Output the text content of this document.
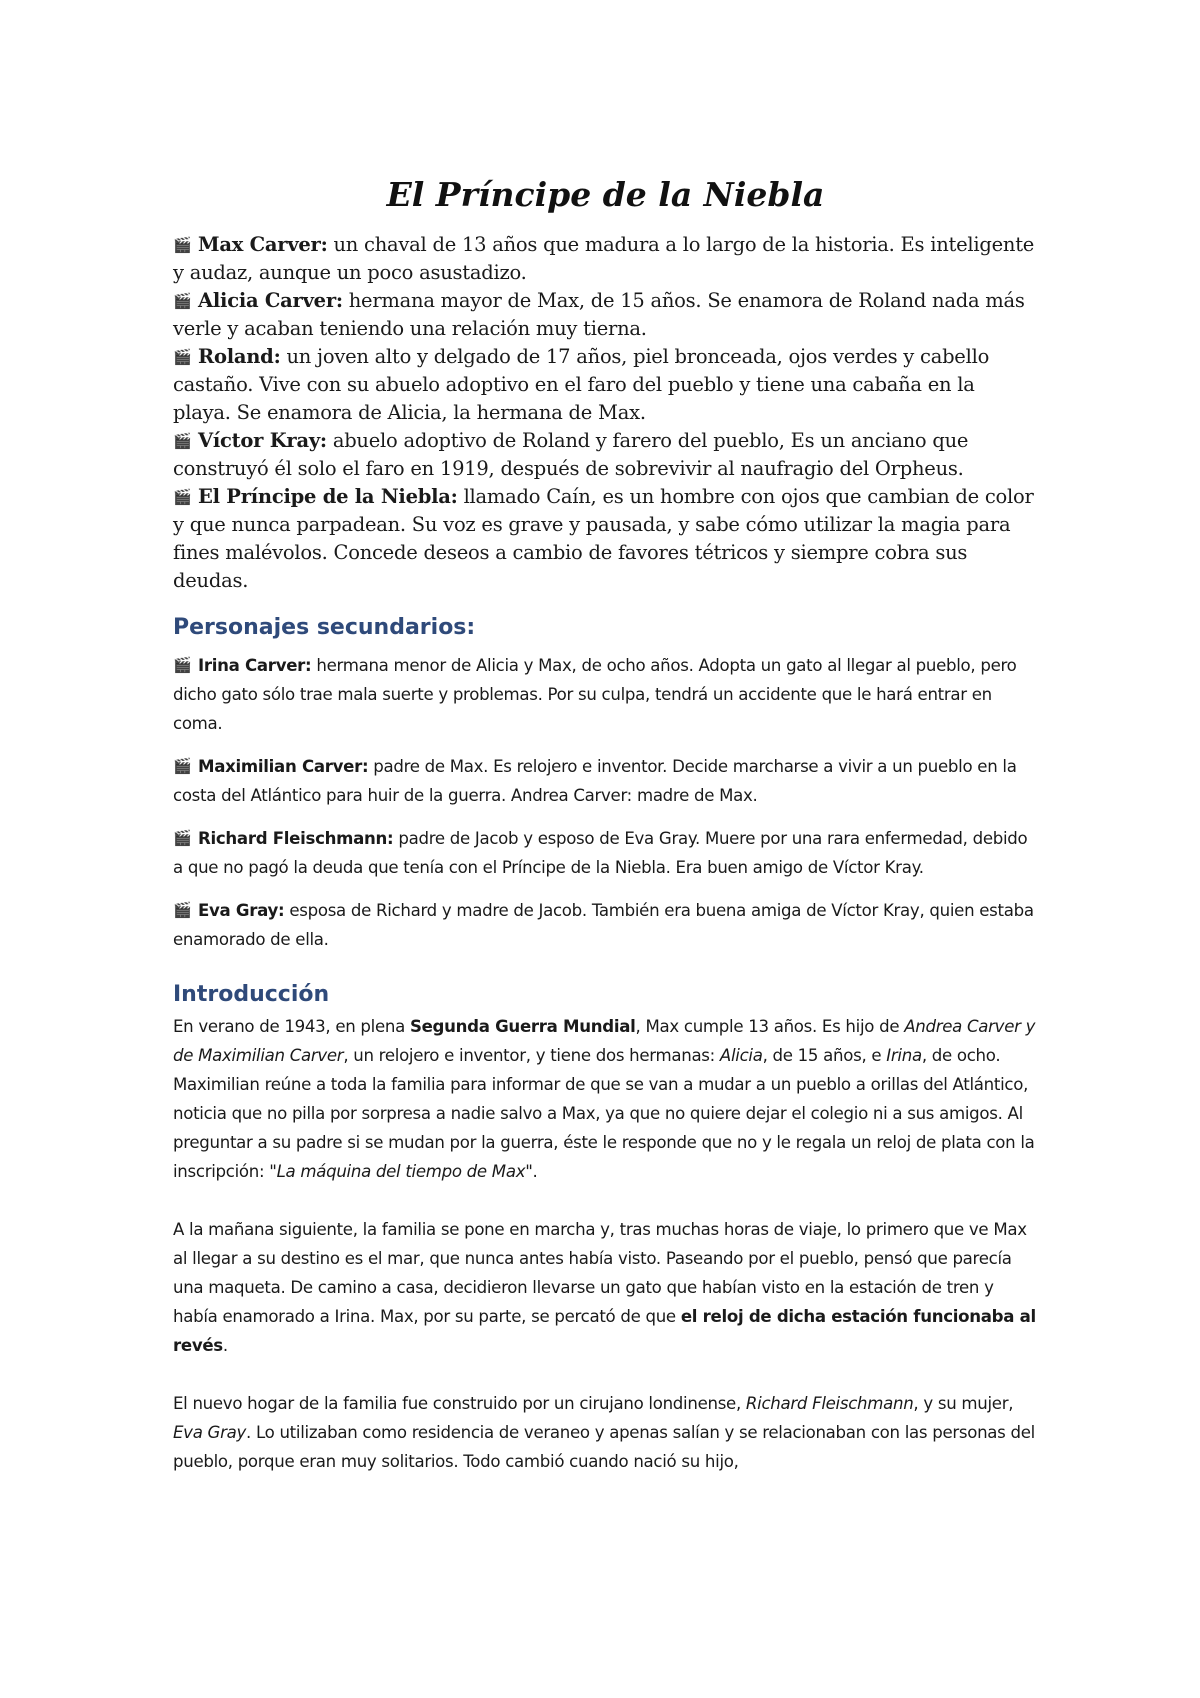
El Príncipe de la Niebla

🎬 Max Carver: un chaval de 13 años que madura a lo largo de la historia. Es inteligente y audaz, aunque un poco asustadizo.

🎬 Alicia Carver: hermana mayor de Max, de 15 años. Se enamora de Roland nada más verle y acaban teniendo una relación muy tierna.

🎬 Roland: un joven alto y delgado de 17 años, piel bronceada, ojos verdes y cabello castaño. Vive con su abuelo adoptivo en el faro del pueblo y tiene una cabaña en la playa. Se enamora de Alicia, la hermana de Max.

🎬 Víctor Kray: abuelo adoptivo de Roland y farero del pueblo, Es un anciano que construyó él solo el faro en 1919, después de sobrevivir al naufragio del Orpheus.

🎬 El Príncipe de la Niebla: llamado Caín, es un hombre con ojos que cambian de color y que nunca parpadean. Su voz es grave y pausada, y sabe cómo utilizar la magia para fines malévolos. Concede deseos a cambio de favores tétricos y siempre cobra sus deudas.

Personajes secundarios:

🎬 Irina Carver: hermana menor de Alicia y Max, de ocho años. Adopta un gato al llegar al pueblo, pero dicho gato sólo trae mala suerte y problemas. Por su culpa, tendrá un accidente que le hará entrar en coma.

🎬 Maximilian Carver: padre de Max. Es relojero e inventor. Decide marcharse a vivir a un pueblo en la costa del Atlántico para huir de la guerra. Andrea Carver: madre de Max.

🎬 Richard Fleischmann: padre de Jacob y esposo de Eva Gray. Muere por una rara enfermedad, debido a que no pagó la deuda que tenía con el Príncipe de la Niebla. Era buen amigo de Víctor Kray.

🎬 Eva Gray: esposa de Richard y madre de Jacob. También era buena amiga de Víctor Kray, quien estaba enamorado de ella.

Introducción

En verano de 1943, en plena Segunda Guerra Mundial, Max cumple 13 años. Es hijo de Andrea Carver y de Maximilian Carver, un relojero e inventor, y tiene dos hermanas: Alicia, de 15 años, e Irina, de ocho. Maximilian reúne a toda la familia para informar de que se van a mudar a un pueblo a orillas del Atlántico, noticia que no pilla por sorpresa a nadie salvo a Max, ya que no quiere dejar el colegio ni a sus amigos. Al preguntar a su padre si se mudan por la guerra, éste le responde que no y le regala un reloj de plata con la inscripción: "La máquina del tiempo de Max".

A la mañana siguiente, la familia se pone en marcha y, tras muchas horas de viaje, lo primero que ve Max al llegar a su destino es el mar, que nunca antes había visto. Paseando por el pueblo, pensó que parecía una maqueta. De camino a casa, decidieron llevarse un gato que habían visto en la estación de tren y había enamorado a Irina. Max, por su parte, se percató de que el reloj de dicha estación funcionaba al revés.

El nuevo hogar de la familia fue construido por un cirujano londinense, Richard Fleischmann, y su mujer, Eva Gray. Lo utilizaban como residencia de veraneo y apenas salían y se relacionaban con las personas del pueblo, porque eran muy solitarios. Todo cambió cuando nació su hijo,
